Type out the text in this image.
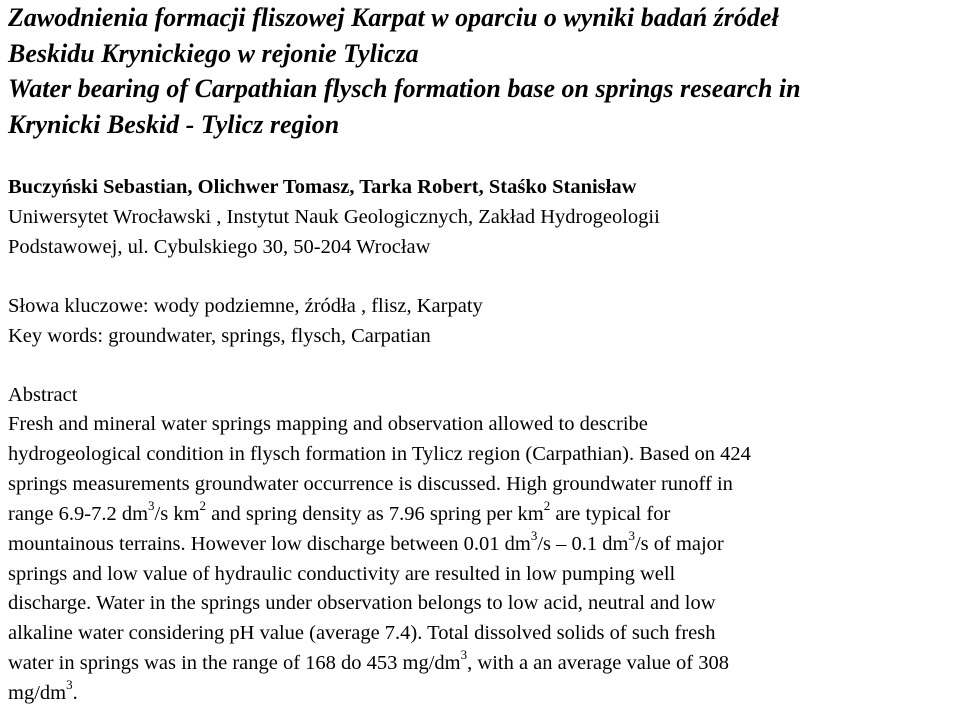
Zawodnienia formacji fliszowej Karpat w oparciu o wyniki badań źródeł
Beskidu Krynickiego w rejonie Tylicza
Water bearing of Carpathian flysch formation base on springs research in
Krynicki Beskid - Tylicz region
Buczyński Sebastian, Olichwer Tomasz, Tarka Robert, Staśko Stanisław
Uniwersytet Wrocławski , Instytut Nauk Geologicznych, Zakład Hydrogeologii
Podstawowej, ul. Cybulskiego 30, 50-204 Wrocław
Słowa kluczowe: wody podziemne, źródła , flisz, Karpaty
Key words: groundwater, springs, flysch, Carpatian
Abstract
Fresh and mineral water springs mapping and observation allowed to describe
hydrogeological condition in flysch formation in Tylicz region (Carpathian). Based on 424
springs measurements groundwater occurrence is discussed. High groundwater runoff in
range 6.9-7.2 $dm^3/s$ $km^2$ and spring density as 7.96 spring per $km^2$ are typical for
mountainous terrains. However low discharge between 0.01 $dm^3/s - 0.1$ $dm^3/s$ of major
springs and low value of hydraulic conductivity are resulted in low pumping well
discharge. Water in the springs under observation belongs to low acid, neutral and low
alkaline water considering pH value (average 7.4). Total dissolved solids of such fresh
water in springs was in the range of 168 do 453 $mg/dm^3$, with a an average value of 308
$mg/dm^3$.
